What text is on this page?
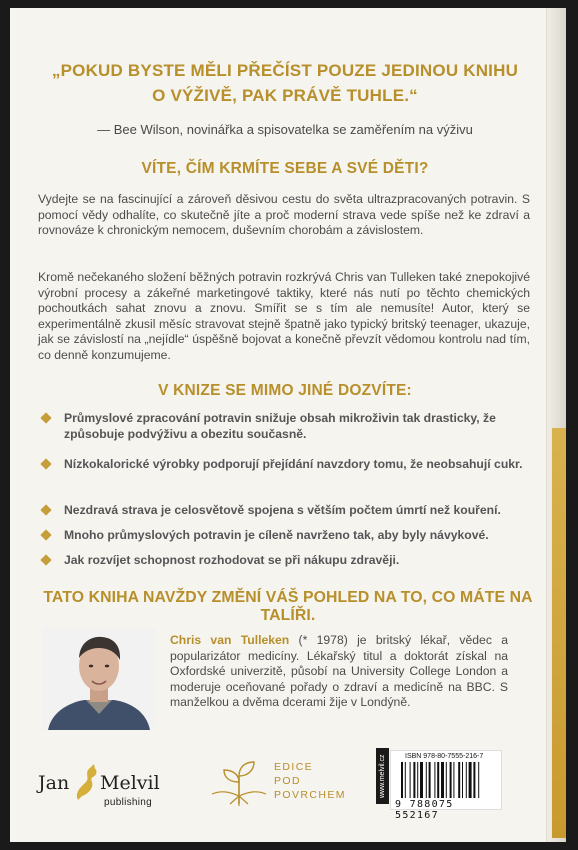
„POKUD BYSTE MĚLI PŘEČÍST POUZE JEDINOU KNIHU
O VÝŽIVĚ, PAK PRÁVĚ TUHLE.“
— Bee Wilson, novinářka a spisovatelka se zaměřením na výživu
VÍTE, ČÍM KRMÍTE SEBE A SVÉ DĚTI?

Vydejte se na fascinující a zároveň děsivou cestu do světa ultrazpracovaných potravin. S pomocí vědy odhalíte, co skutečně jíte a proč moderní strava vede spíše než ke zdraví a rovnováze k chronickým nemocem, duševním chorobám a závislostem.

Kromě nečekaného složení běžných potravin rozkrývá Chris van Tulleken také znepokojivé výrobní procesy a zákeřné marketingové taktiky, které nás nutí po těchto chemických pochoutkách sahat znovu a znovu. Smířit se s tím ale nemusíte! Autor, který se experimentálně zkusil měsíc stravovat stejně špatně jako typický britský teenager, ukazuje, jak se závislostí na „nejídle“ úspěšně bojovat a konečně převzít vědomou kontrolu nad tím, co denně konzumujeme.

V KNIZE SE MIMO JINÉ DOZVÍTE:
Průmyslové zpracování potravin snižuje obsah mikroživin tak drasticky, že způsobuje podvýživu a obezitu současně.
Nízkokalorické výrobky podporují přejídání navzdory tomu, že neobsahují cukr.
Nezdravá strava je celosvětově spojena s větším počtem úmrtí než kouření.
Mnoho průmyslových potravin je cíleně navrženo tak, aby byly návykové.
Jak rozvíjet schopnost rozhodovat se při nákupu zdravěji.
TATO KNIHA NAVŽDY ZMĚNÍ VÁŠ POHLED NA TO, CO MÁTE NA TALÍŘI.

Chris van Tulleken (* 1978) je britský lékař, vědec a popularizátor medicíny. Lékařský titul a doktorát získal na Oxfordské univerzitě, působí na University College London a moderuje oceňované pořady o zdraví a medicíně na BBC. S manželkou a dvěma dcerami žije v Londýně.

Jan Melvil
publishing
EDICE
POD
POVRCHEM	www.melvil.cz	ISBN 978-80-7555-216-7
9 788075 552167
